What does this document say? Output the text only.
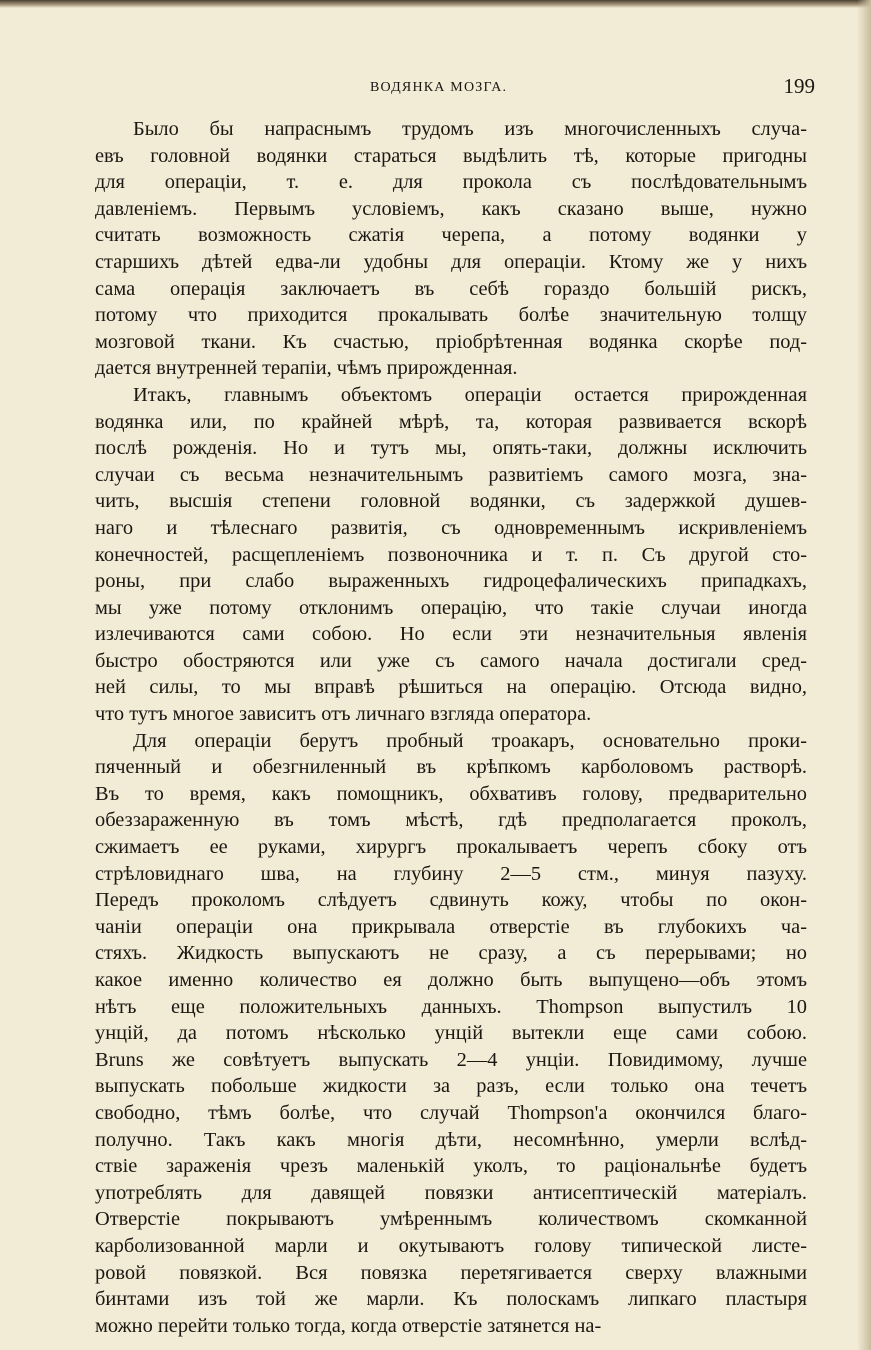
ВОДЯНКА МОЗГА.	199
Было бы напраснымъ трудомъ изъ многочисленныхъ случа-
евъ головной водянки стараться выдѣлить тѣ, которые пригодны
для операціи, т. е. для прокола съ послѣдовательнымъ
давленіемъ. Первымъ условіемъ, какъ сказано выше, нужно
считать возможность сжатія черепа, а потому водянки у
старшихъ дѣтей едва-ли удобны для операціи. Ктому же у нихъ
сама операція заключаетъ въ себѣ гораздо большій рискъ,
потому что приходится прокалывать болѣе значительную толщу
мозговой ткани. Къ счастью, пріобрѣтенная водянка скорѣе под-
дается внутренней терапіи, чѣмъ прирожденная.
Итакъ, главнымъ объектомъ операціи остается прирожденная
водянка или, по крайней мѣрѣ, та, которая развивается вскорѣ
послѣ рожденія. Но и тутъ мы, опять-таки, должны исключить
случаи съ весьма незначительнымъ развитіемъ самого мозга, зна-
чить, высшія степени головной водянки, съ задержкой душев-
наго и тѣлеснаго развитія, съ одновременнымъ искривленіемъ
конечностей, расщепленіемъ позвоночника и т. п. Съ другой сто-
роны, при слабо выраженныхъ гидроцефалическихъ припадкахъ,
мы уже потому отклонимъ операцію, что такіе случаи иногда
излечиваются сами собою. Но если эти незначительныя явленія
быстро обостряются или уже съ самого начала достигали сред-
ней силы, то мы вправѣ рѣшиться на операцію. Отсюда видно,
что тутъ многое зависитъ отъ личнаго взгляда оператора.
Для операціи берутъ пробный троакаръ, основательно проки-
пяченный и обезгниленный въ крѣпкомъ карболовомъ растворѣ.
Въ то время, какъ помощникъ, обхвативъ голову, предварительно
обеззараженную въ томъ мѣстѣ, гдѣ предполагается проколъ,
сжимаетъ ее руками, хирургъ прокалываетъ черепъ сбоку отъ
стрѣловиднаго шва, на глубину 2—5 стм., минуя пазуху.
Передъ проколомъ слѣдуетъ сдвинуть кожу, чтобы по окон-
чаніи операціи она прикрывала отверстіе въ глубокихъ ча-
стяхъ. Жидкость выпускаютъ не сразу, а съ перерывами; но
какое именно количество ея должно быть выпущено—объ этомъ
нѣтъ еще положительныхъ данныхъ. Thompson выпустилъ 10
унцій, да потомъ нѣсколько унцій вытекли еще сами собою.
Bruns же совѣтуетъ выпускать 2—4 унціи. Повидимому, лучше
выпускать побольше жидкости за разъ, если только она течетъ
свободно, тѣмъ болѣе, что случай Thompson'а окончился благо-
получно. Такъ какъ многія дѣти, несомнѣнно, умерли вслѣд-
ствіе зараженія чрезъ маленькій уколъ, то раціональнѣе будетъ
употреблять для давящей повязки антисептическій матеріалъ.
Отверстіе покрываютъ умѣреннымъ количествомъ скомканной
карболизованной марли и окутываютъ голову типической листе-
ровой повязкой. Вся повязка перетягивается сверху влажными
бинтами изъ той же марли. Къ полоскамъ липкаго пластыря
можно перейти только тогда, когда отверстіе затянется на-
